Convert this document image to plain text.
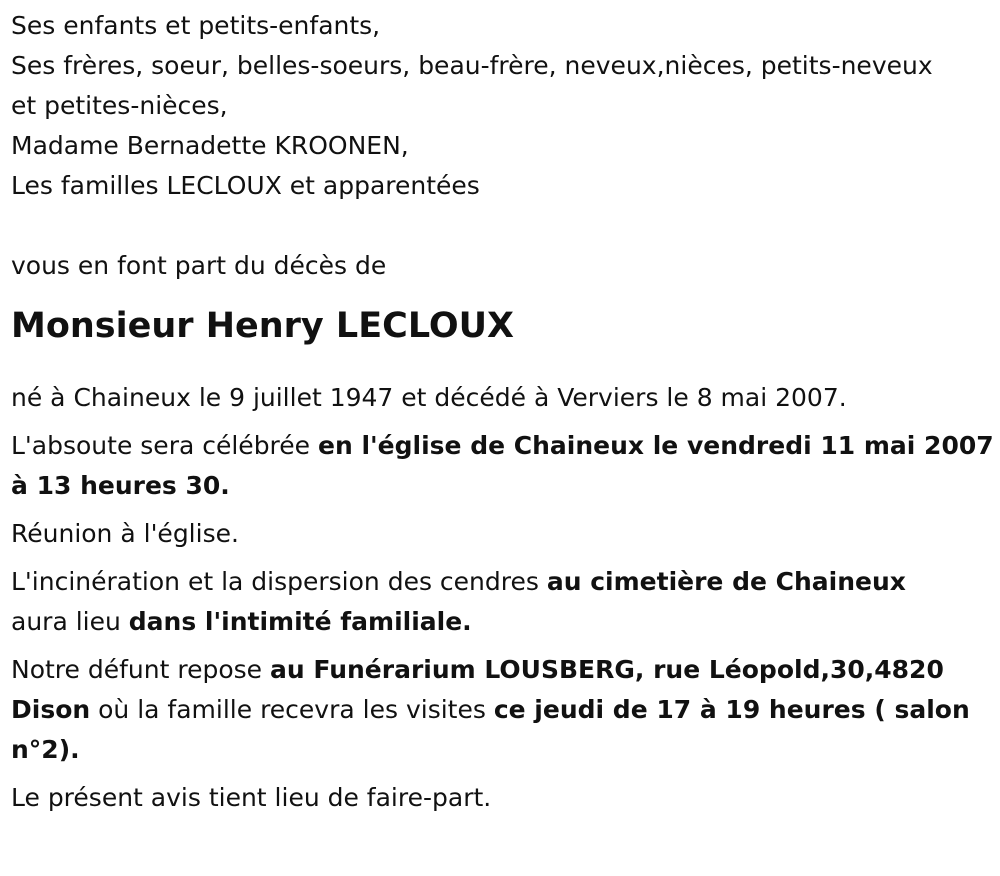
Ses enfants et petits-enfants,

Ses frères, soeur, belles-soeurs, beau-frère, neveux,nièces, petits-neveux

et petites-nièces,

Madame Bernadette KROONEN,

Les familles LECLOUX et apparentées

vous en font part du décès de

Monsieur Henry LECLOUX

né à Chaineux le 9 juillet 1947 et décédé à Verviers le 8 mai 2007.

L'absoute sera célébrée en l'église de Chaineux le vendredi 11 mai 2007
à 13 heures 30.

Réunion à l'église.

L'incinération et la dispersion des cendres au cimetière de Chaineux
aura lieu dans l'intimité familiale.

Notre défunt repose au Funérarium LOUSBERG, rue Léopold,30,4820
Dison où la famille recevra les visites ce jeudi de 17 à 19 heures ( salon
n°2).

Le présent avis tient lieu de faire-part.
